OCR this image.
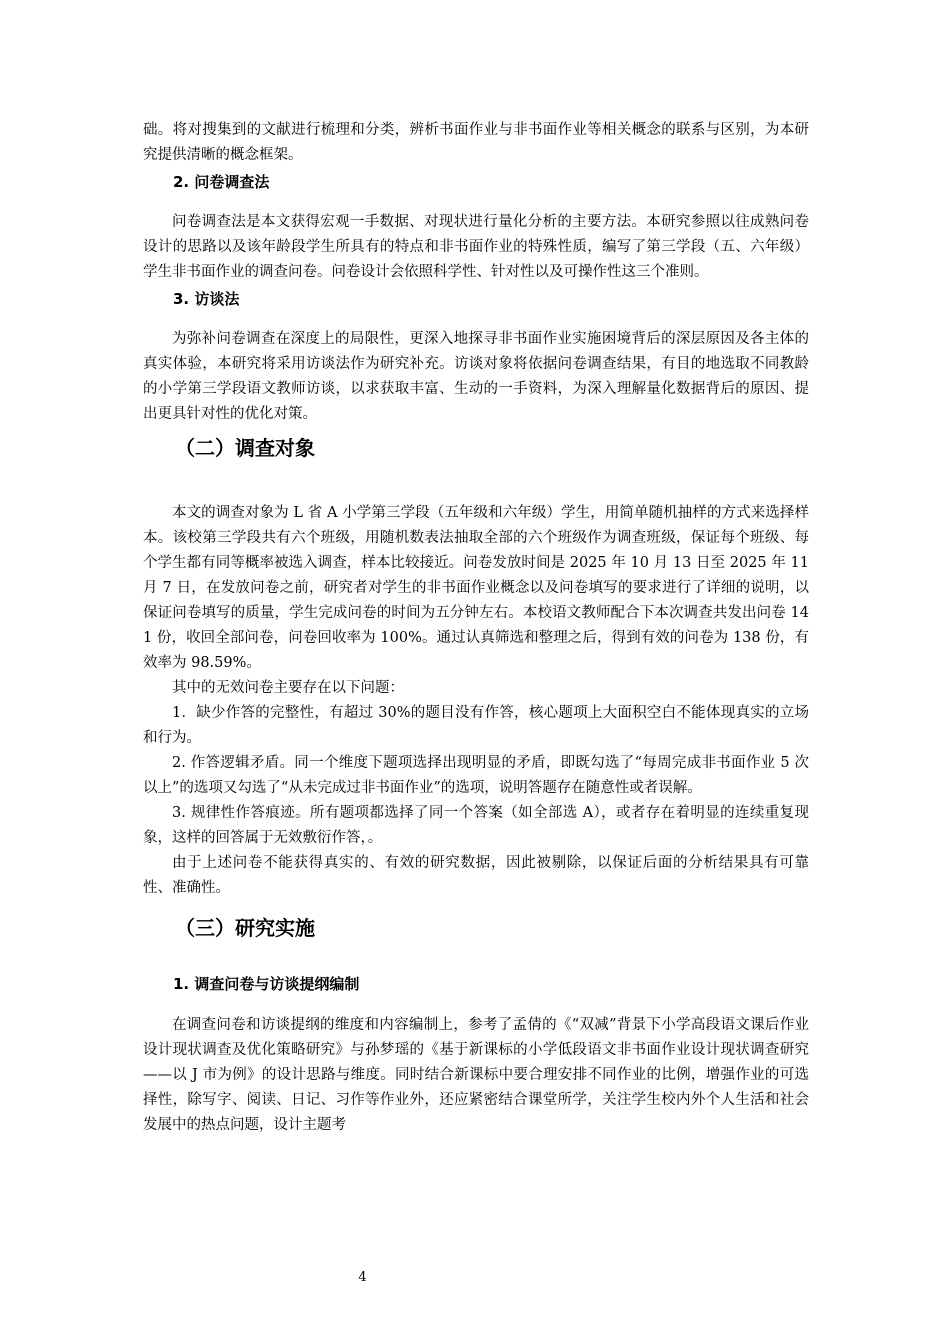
础。将对搜集到的文献进行梳理和分类，辨析书面作业与非书面作业等相关概念的联系与区别，为本研究提供清晰的概念框架。

2. 问卷调查法

问卷调查法是本文获得宏观一手数据、对现状进行量化分析的主要方法。本研究参照以往成熟问卷设计的思路以及该年龄段学生所具有的特点和非书面作业的特殊性质，编写了第三学段（五、六年级）学生非书面作业的调查问卷。问卷设计会依照科学性、针对性以及可操作性这三个准则。

3. 访谈法

为弥补问卷调查在深度上的局限性，更深入地探寻非书面作业实施困境背后的深层原因及各主体的真实体验，本研究将采用访谈法作为研究补充。访谈对象将依据问卷调查结果，有目的地选取不同教龄的小学第三学段语文教师访谈，以求获取丰富、生动的一手资料，为深入理解量化数据背后的原因、提出更具针对性的优化对策。

（二）调查对象

本文的调查对象为 L 省 A 小学第三学段（五年级和六年级）学生，用简单随机抽样的方式来选择样本。该校第三学段共有六个班级，用随机数表法抽取全部的六个班级作为调查班级，保证每个班级、每个学生都有同等概率被选入调查，样本比较接近。问卷发放时间是 2025 年 10 月 13 日至 2025 年 11 月 7 日，在发放问卷之前，研究者对学生的非书面作业概念以及问卷填写的要求进行了详细的说明，以保证问卷填写的质量，学生完成问卷的时间为五分钟左右。本校语文教师配合下本次调查共发出问卷 141 份，收回全部问卷，问卷回收率为 100%。通过认真筛选和整理之后，得到有效的问卷为 138 份，有效率为 98.59%。

其中的无效问卷主要存在以下问题：

1．缺少作答的完整性，有超过 30%的题目没有作答，核心题项上大面积空白不能体现真实的立场和行为。

2. 作答逻辑矛盾。同一个维度下题项选择出现明显的矛盾，即既勾选了“每周完成非书面作业 5 次以上”的选项又勾选了“从未完成过非书面作业”的选项，说明答题存在随意性或者误解。

3. 规律性作答痕迹。所有题项都选择了同一个答案（如全部选 A），或者存在着明显的连续重复现象，这样的回答属于无效敷衍作答，。

由于上述问卷不能获得真实的、有效的研究数据，因此被剔除，以保证后面的分析结果具有可靠性、准确性。

（三）研究实施
1. 调查问卷与访谈提纲编制

在调查问卷和访谈提纲的维度和内容编制上，参考了孟倩的《“双减”背景下小学高段语文课后作业设计现状调查及优化策略研究》与孙梦瑶的《基于新课标的小学低段语文非书面作业设计现状调查研究——以 J 市为例》的设计思路与维度。同时结合新课标中要合理安排不同作业的比例，增强作业的可选择性，除写字、阅读、日记、习作等作业外，还应紧密结合课堂所学，关注学生校内外个人生活和社会发展中的热点问题，设计主题考

4
